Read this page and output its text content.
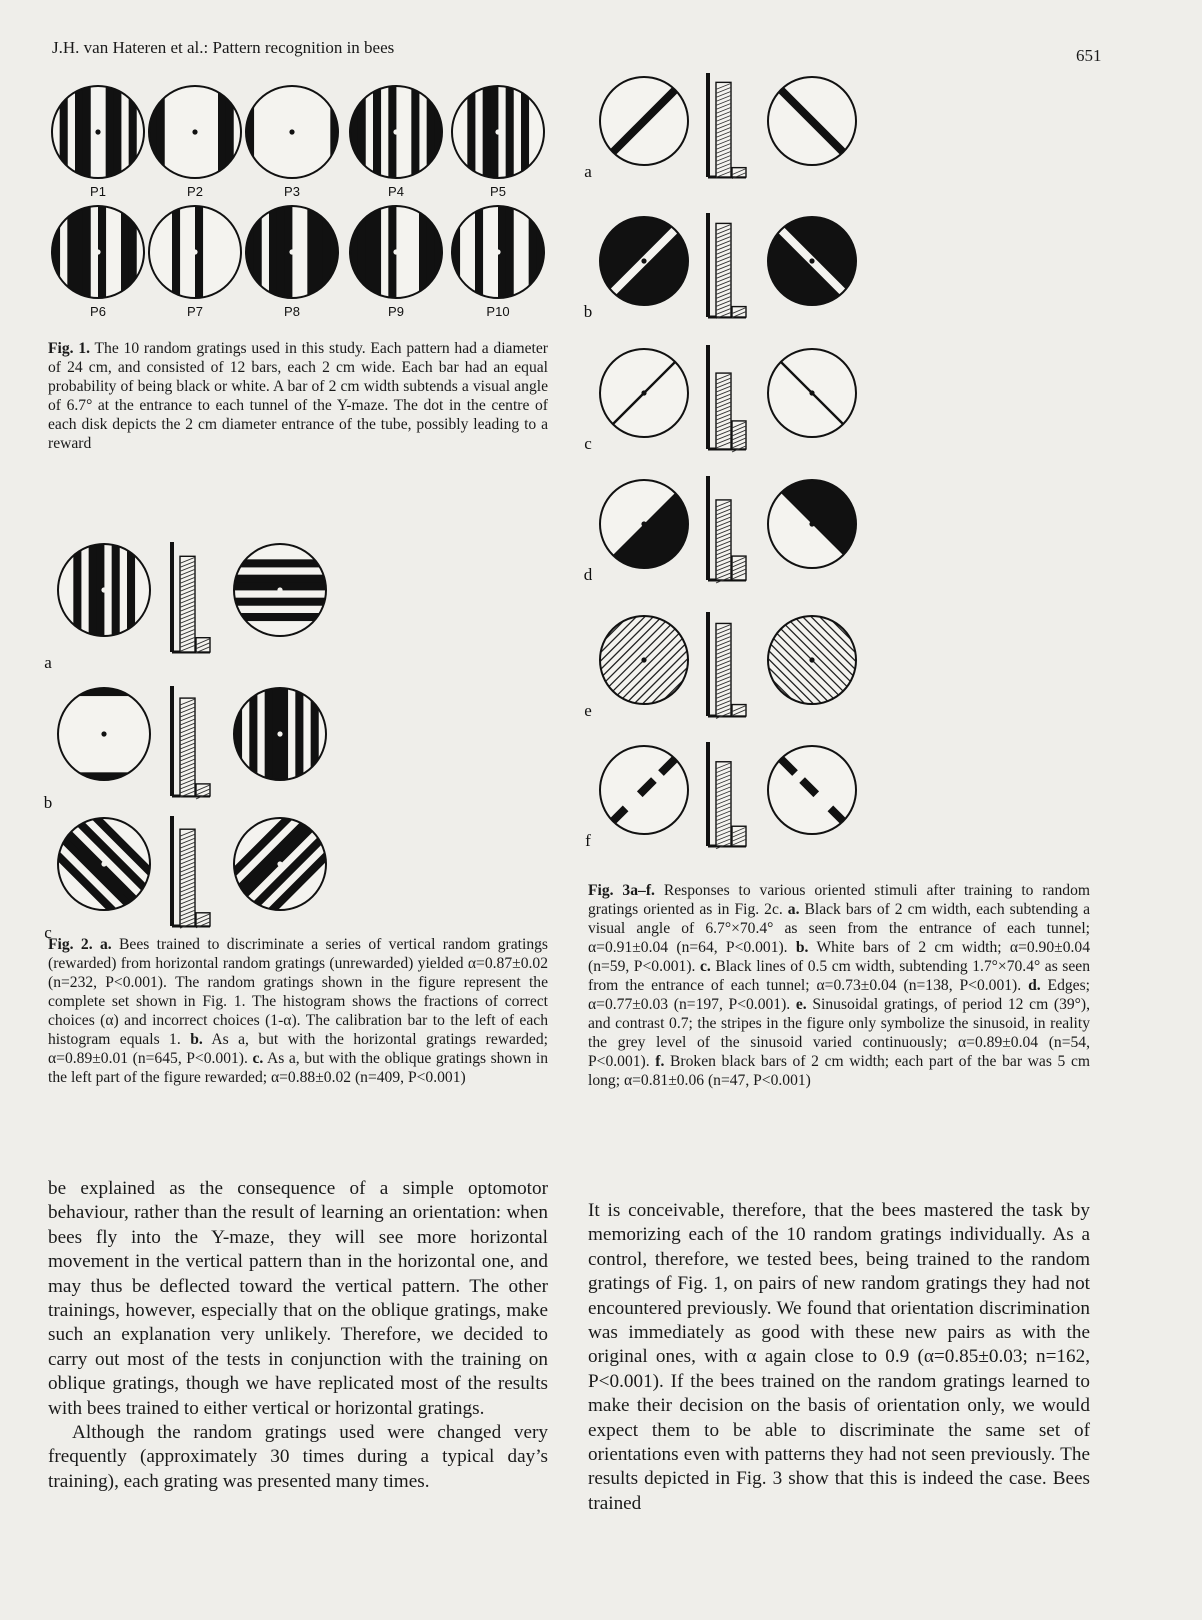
J.H. van Hateren et al.: Pattern recognition in bees	651
P1	P2	P3	P4	P5
P6	P7	P8	P9	P10

Fig. 1. The 10 random gratings used in this study. Each pattern had a diameter of 24 cm, and consisted of 12 bars, each 2 cm wide. Each bar had an equal probability of being black or white. A bar of 2 cm width subtends a visual angle of 6.7° at the entrance to each tunnel of the Y-maze. The dot in the centre of each disk depicts the 2 cm diameter entrance of the tube, possibly leading to a reward

a
b
c

Fig. 2. a. Bees trained to discriminate a series of vertical random gratings (rewarded) from horizontal random gratings (unrewarded) yielded α=0.87±0.02 (n=232, P<0.001). The random gratings shown in the figure represent the complete set shown in Fig. 1. The histogram shows the fractions of correct choices (α) and incorrect choices (1-α). The calibration bar to the left of each histogram equals 1. b. As a, but with the horizontal gratings rewarded; α=0.89±0.01 (n=645, P<0.001). c. As a, but with the oblique gratings shown in the left part of the figure rewarded; α=0.88±0.02 (n=409, P<0.001)

a
b
c
d
e
f

Fig. 3a–f. Responses to various oriented stimuli after training to random gratings oriented as in Fig. 2c. a. Black bars of 2 cm width, each subtending a visual angle of 6.7°×70.4° as seen from the entrance of each tunnel; α=0.91±0.04 (n=64, P<0.001). b. White bars of 2 cm width; α=0.90±0.04 (n=59, P<0.001). c. Black lines of 0.5 cm width, subtending 1.7°×70.4° as seen from the entrance of each tunnel; α=0.73±0.04 (n=138, P<0.001). d. Edges; α=0.77±0.03 (n=197, P<0.001). e. Sinusoidal gratings, of period 12 cm (39°), and contrast 0.7; the stripes in the figure only symbolize the sinusoid, in reality the grey level of the sinusoid varied continuously; α=0.89±0.04 (n=54, P<0.001). f. Broken black bars of 2 cm width; each part of the bar was 5 cm long; α=0.81±0.06 (n=47, P<0.001)

be explained as the consequence of a simple optomotor behaviour, rather than the result of learning an orientation: when bees fly into the Y-maze, they will see more horizontal movement in the vertical pattern than in the horizontal one, and may thus be deflected toward the vertical pattern. The other trainings, however, especially that on the oblique gratings, make such an explanation very unlikely. Therefore, we decided to carry out most of the tests in conjunction with the training on oblique gratings, though we have replicated most of the results with bees trained to either vertical or horizontal gratings.

Although the random gratings used were changed very frequently (approximately 30 times during a typical day’s training), each grating was presented many times.

It is conceivable, therefore, that the bees mastered the task by memorizing each of the 10 random gratings individually. As a control, therefore, we tested bees, being trained to the random gratings of Fig. 1, on pairs of new random gratings they had not encountered previously. We found that orientation discrimination was immediately as good with these new pairs as with the original ones, with α again close to 0.9 (α=0.85±0.03; n=162, P<0.001). If the bees trained on the random gratings learned to make their decision on the basis of orientation only, we would expect them to be able to discriminate the same set of orientations even with patterns they had not seen previously. The results depicted in Fig. 3 show that this is indeed the case. Bees trained
